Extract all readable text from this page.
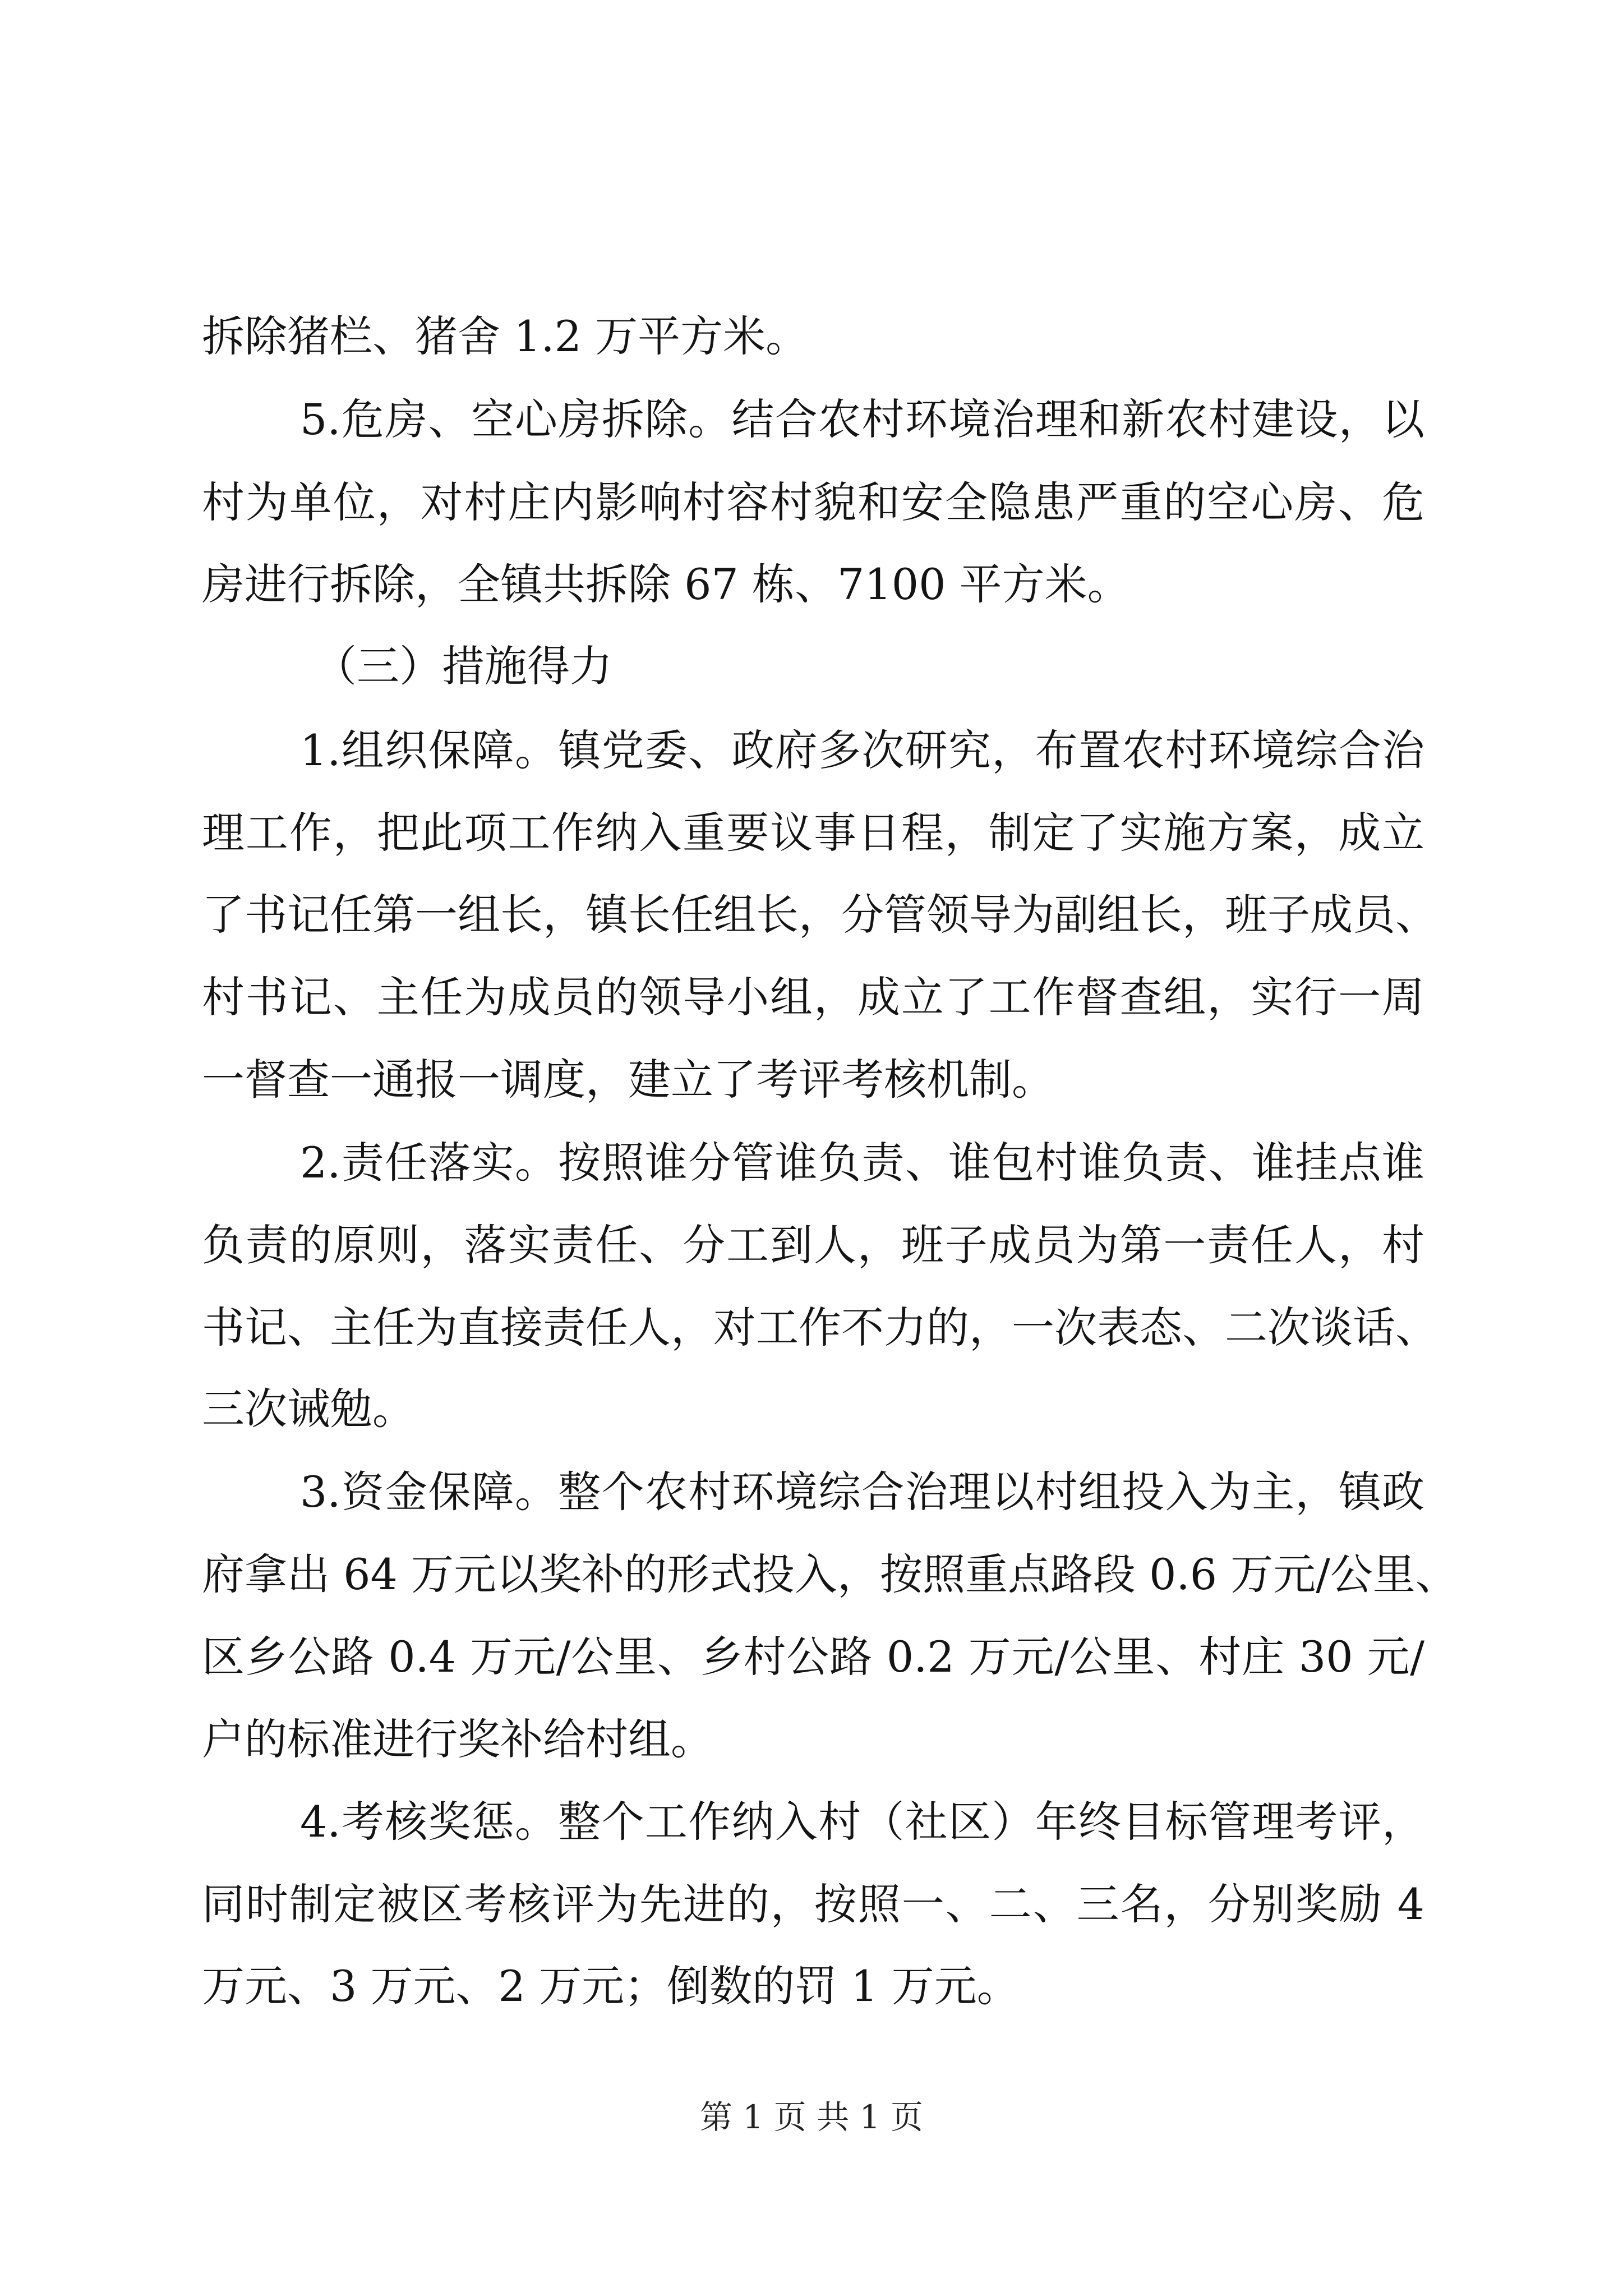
拆除猪栏、猪舍 1.2 万平方米。
5.危房、空心房拆除。结合农村环境治理和新农村建设，以
村为单位，对村庄内影响村容村貌和安全隐患严重的空心房、危
房进行拆除，全镇共拆除 67 栋、7100 平方米。
（三）措施得力
1.组织保障。镇党委、政府多次研究，布置农村环境综合治
理工作，把此项工作纳入重要议事日程，制定了实施方案，成立
了书记任第一组长，镇长任组长，分管领导为副组长，班子成员、
村书记、主任为成员的领导小组，成立了工作督查组，实行一周
一督查一通报一调度，建立了考评考核机制。
2.责任落实。按照谁分管谁负责、谁包村谁负责、谁挂点谁
负责的原则，落实责任、分工到人，班子成员为第一责任人，村
书记、主任为直接责任人，对工作不力的，一次表态、二次谈话、
三次诫勉。
3.资金保障。整个农村环境综合治理以村组投入为主，镇政
府拿出 64 万元以奖补的形式投入，按照重点路段 0.6 万元/公里、
区乡公路 0.4 万元/公里、乡村公路 0.2 万元/公里、村庄 30 元/
户的标准进行奖补给村组。
4.考核奖惩。整个工作纳入村（社区）年终目标管理考评，
同时制定被区考核评为先进的，按照一、二、三名，分别奖励 4
万元、3 万元、2 万元；倒数的罚 1 万元。
第 1 页 共 1 页
